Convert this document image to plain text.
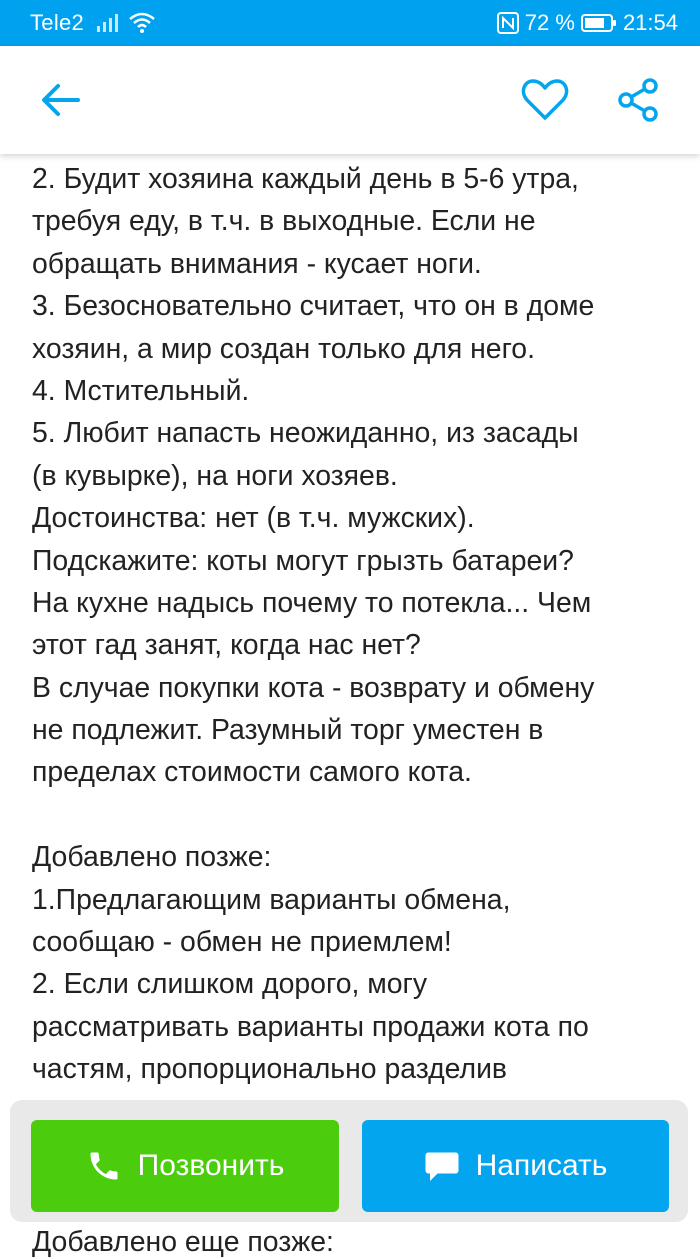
Tele2	72 % 21:54
2. Будит хозяина каждый день в 5-6 утра,
требуя еду, в т.ч. в выходные. Если не
обращать внимания - кусает ноги.
3. Безосновательно считает, что он в доме
хозяин, а мир создан только для него.
4. Мстительный.
5. Любит напасть неожиданно, из засады
(в кувырке), на ноги хозяев.
Достоинства: нет (в т.ч. мужских).
Подскажите: коты могут грызть батареи?
На кухне надысь почему то потекла... Чем
этот гад занят, когда нас нет?
В случае покупки кота - возврату и обмену
не подлежит. Разумный торг уместен в
пределах стоимости самого кота.
Добавлено позже:
1.Предлагающим варианты обмена,
сообщаю - обмен не приемлем!
2. Если слишком дорого, могу
рассматривать варианты продажи кота по
частям, пропорционально разделив
Добавлено еще позже:
Позвонить	Написать
